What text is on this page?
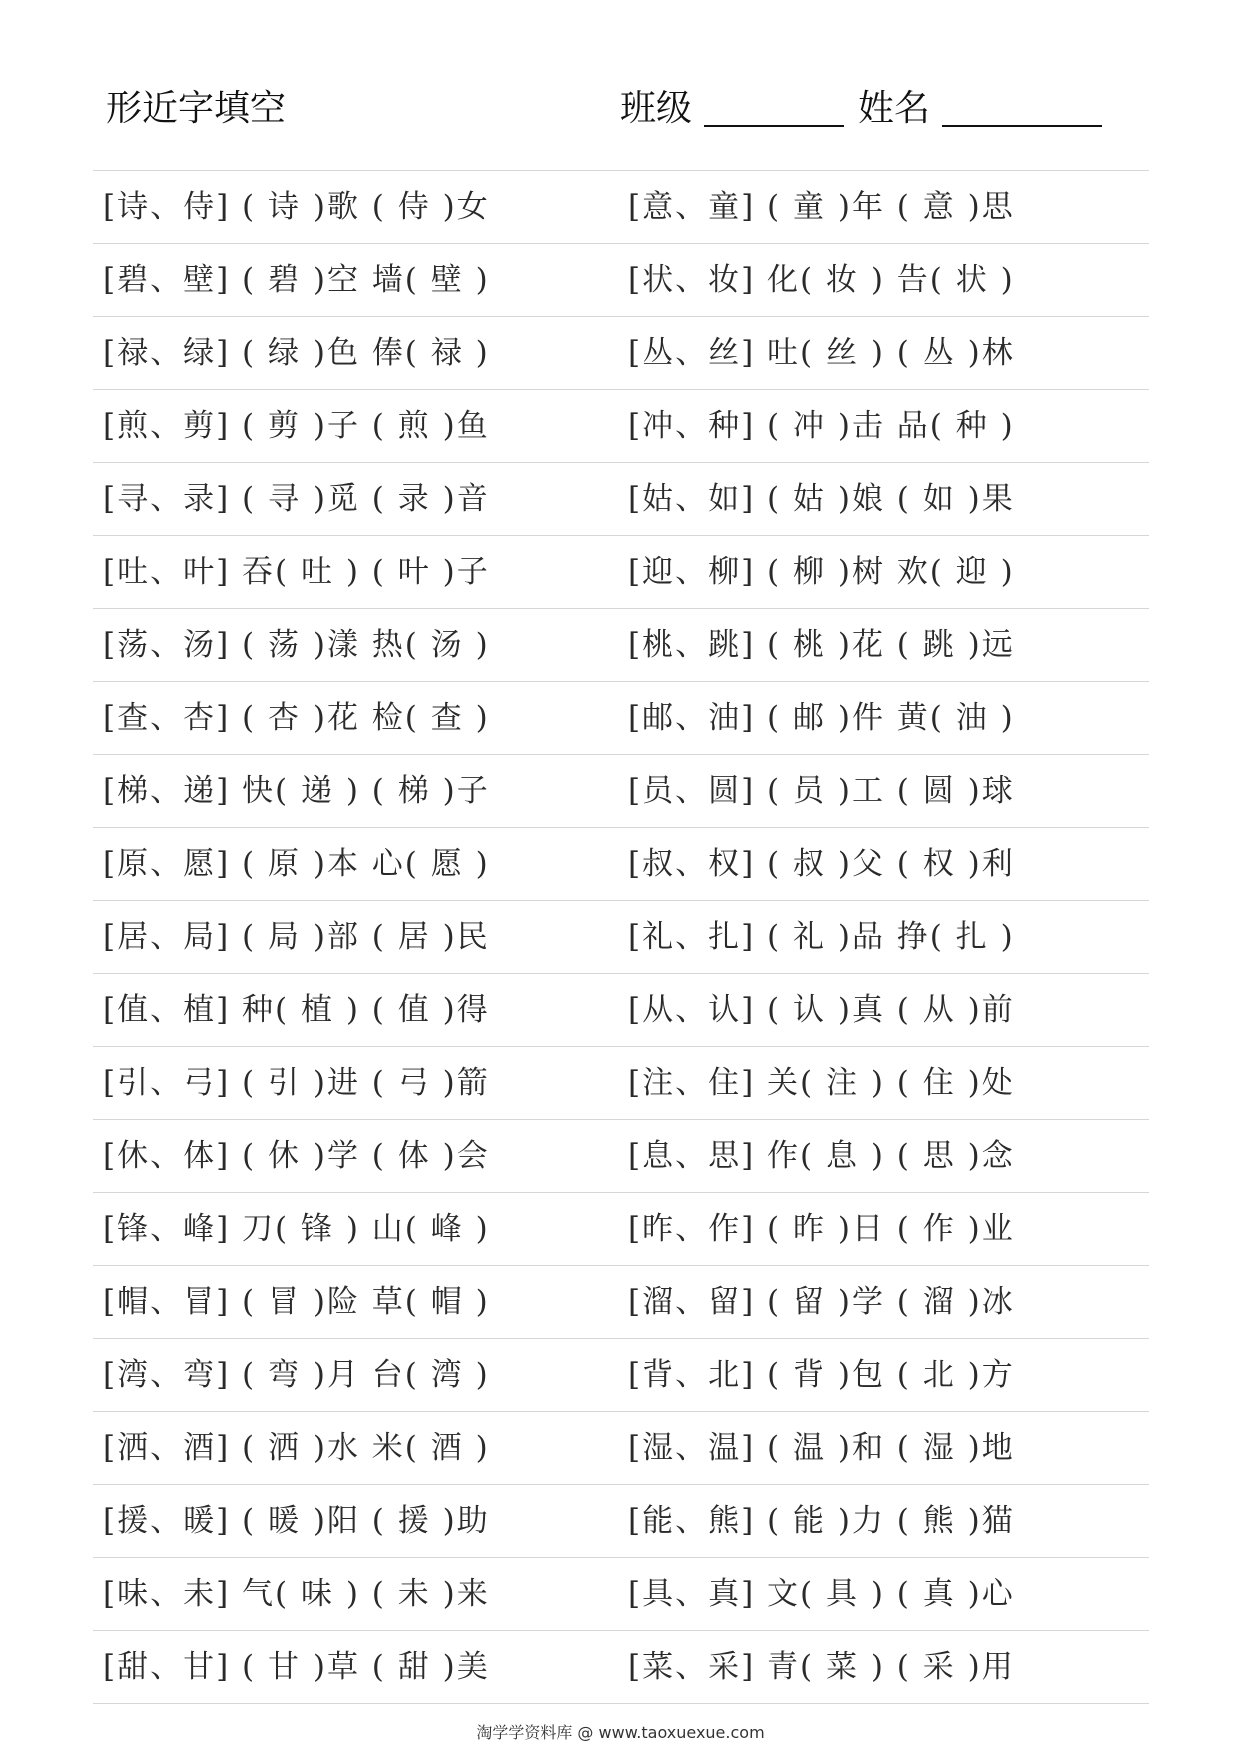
形近字填空	班级	姓名
[诗、侍] ( 诗 )歌 ( 侍 )女	[意、童] ( 童 )年 ( 意 )思
[碧、壁] ( 碧 )空 墙( 壁 )	[状、妆] 化( 妆 ) 告( 状 )
[禄、绿] ( 绿 )色 俸( 禄 )	[丛、丝] 吐( 丝 ) ( 丛 )林
[煎、剪] ( 剪 )子 ( 煎 )鱼	[冲、种] ( 冲 )击 品( 种 )
[寻、录] ( 寻 )觅 ( 录 )音	[姑、如] ( 姑 )娘 ( 如 )果
[吐、叶] 吞( 吐 ) ( 叶 )子	[迎、柳] ( 柳 )树 欢( 迎 )
[荡、汤] ( 荡 )漾 热( 汤 )	[桃、跳] ( 桃 )花 ( 跳 )远
[查、杏] ( 杏 )花 检( 查 )	[邮、油] ( 邮 )件 黄( 油 )
[梯、递] 快( 递 ) ( 梯 )子	[员、圆] ( 员 )工 ( 圆 )球
[原、愿] ( 原 )本 心( 愿 )	[叔、权] ( 叔 )父 ( 权 )利
[居、局] ( 局 )部 ( 居 )民	[礼、扎] ( 礼 )品 挣( 扎 )
[值、植] 种( 植 ) ( 值 )得	[从、认] ( 认 )真 ( 从 )前
[引、弓] ( 引 )进 ( 弓 )箭	[注、住] 关( 注 ) ( 住 )处
[休、体] ( 休 )学 ( 体 )会	[息、思] 作( 息 ) ( 思 )念
[锋、峰] 刀( 锋 ) 山( 峰 )	[昨、作] ( 昨 )日 ( 作 )业
[帽、冒] ( 冒 )险 草( 帽 )	[溜、留] ( 留 )学 ( 溜 )冰
[湾、弯] ( 弯 )月 台( 湾 )	[背、北] ( 背 )包 ( 北 )方
[洒、酒] ( 洒 )水 米( 酒 )	[湿、温] ( 温 )和 ( 湿 )地
[援、暖] ( 暖 )阳 ( 援 )助	[能、熊] ( 能 )力 ( 熊 )猫
[味、未] 气( 味 ) ( 未 )来	[具、真] 文( 具 ) ( 真 )心
[甜、甘] ( 甘 )草 ( 甜 )美	[菜、采] 青( 菜 ) ( 采 )用
淘学学资料库 @ www.taoxuexue.com
